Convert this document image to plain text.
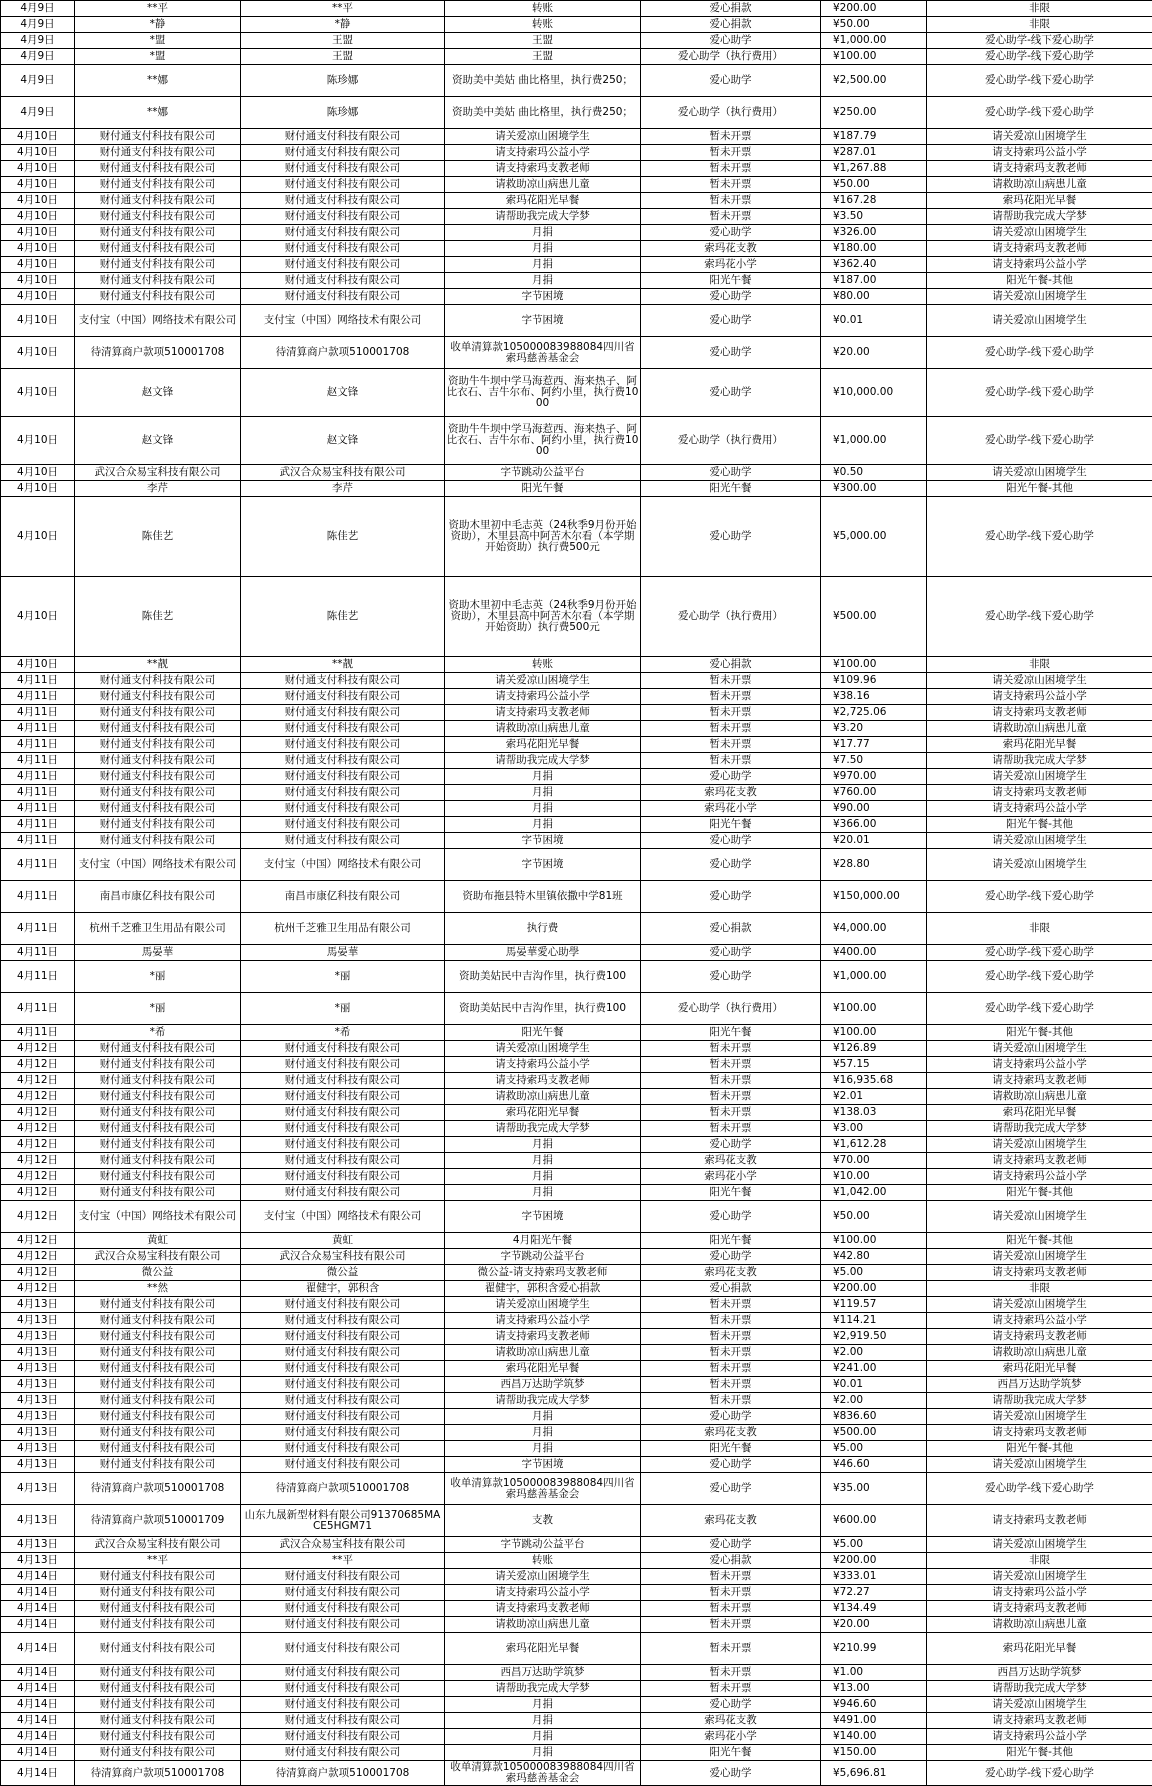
4月9日	**平	**平	转账	爱心捐款	¥200.00	非限
4月9日	*静	*静	转账	爱心捐款	¥50.00	非限
4月9日	*盟	王盟	王盟	爱心助学	¥1,000.00	爱心助学-线下爱心助学
4月9日	*盟	王盟	王盟	爱心助学（执行费用）	¥100.00	爱心助学-线下爱心助学
4月9日	**娜	陈珍娜	资助美中美姑 曲比格里，执行费250；	爱心助学	¥2,500.00	爱心助学-线下爱心助学
4月9日	**娜	陈珍娜	资助美中美姑 曲比格里，执行费250；	爱心助学（执行费用）	¥250.00	爱心助学-线下爱心助学
4月10日	财付通支付科技有限公司	财付通支付科技有限公司	请关爱凉山困境学生	暂未开票	¥187.79	请关爱凉山困境学生
4月10日	财付通支付科技有限公司	财付通支付科技有限公司	请支持索玛公益小学	暂未开票	¥287.01	请支持索玛公益小学
4月10日	财付通支付科技有限公司	财付通支付科技有限公司	请支持索玛支教老师	暂未开票	¥1,267.88	请支持索玛支教老师
4月10日	财付通支付科技有限公司	财付通支付科技有限公司	请救助凉山病患儿童	暂未开票	¥50.00	请救助凉山病患儿童
4月10日	财付通支付科技有限公司	财付通支付科技有限公司	索玛花阳光早餐	暂未开票	¥167.28	索玛花阳光早餐
4月10日	财付通支付科技有限公司	财付通支付科技有限公司	请帮助我完成大学梦	暂未开票	¥3.50	请帮助我完成大学梦
4月10日	财付通支付科技有限公司	财付通支付科技有限公司	月捐	爱心助学	¥326.00	请关爱凉山困境学生
4月10日	财付通支付科技有限公司	财付通支付科技有限公司	月捐	索玛花支教	¥180.00	请支持索玛支教老师
4月10日	财付通支付科技有限公司	财付通支付科技有限公司	月捐	索玛花小学	¥362.40	请支持索玛公益小学
4月10日	财付通支付科技有限公司	财付通支付科技有限公司	月捐	阳光午餐	¥187.00	阳光午餐-其他
4月10日	财付通支付科技有限公司	财付通支付科技有限公司	字节困境	爱心助学	¥80.00	请关爱凉山困境学生
4月10日	支付宝（中国）网络技术有限公司	支付宝（中国）网络技术有限公司	字节困境	爱心助学	¥0.01	请关爱凉山困境学生
4月10日	待清算商户款项510001708	待清算商户款项510001708	收单清算款105000083988084四川省索玛慈善基金会	爱心助学	¥20.00	爱心助学-线下爱心助学
4月10日	赵文锋	赵文锋	资助牛牛坝中学马海惹西、海来热子、阿比衣石、吉牛尔布、阿约小里，执行费1000	爱心助学	¥10,000.00	爱心助学-线下爱心助学
4月10日	赵文锋	赵文锋	资助牛牛坝中学马海惹西、海来热子、阿比衣石、吉牛尔布、阿约小里，执行费1000	爱心助学（执行费用）	¥1,000.00	爱心助学-线下爱心助学
4月10日	武汉合众易宝科技有限公司	武汉合众易宝科技有限公司	字节跳动公益平台	爱心助学	¥0.50	请关爱凉山困境学生
4月10日	李芹	李芹	阳光午餐	阳光午餐	¥300.00	阳光午餐-其他
4月10日	陈佳艺	陈佳艺	资助木里初中毛志英（24秋季9月份开始资助），木里县高中阿苦木尔看（本学期开始资助）执行费500元	爱心助学	¥5,000.00	爱心助学-线下爱心助学
4月10日	陈佳艺	陈佳艺	资助木里初中毛志英（24秋季9月份开始资助），木里县高中阿苦木尔看（本学期开始资助）执行费500元	爱心助学（执行费用）	¥500.00	爱心助学-线下爱心助学
4月10日	**靓	**靓	转账	爱心捐款	¥100.00	非限
4月11日	财付通支付科技有限公司	财付通支付科技有限公司	请关爱凉山困境学生	暂未开票	¥109.96	请关爱凉山困境学生
4月11日	财付通支付科技有限公司	财付通支付科技有限公司	请支持索玛公益小学	暂未开票	¥38.16	请支持索玛公益小学
4月11日	财付通支付科技有限公司	财付通支付科技有限公司	请支持索玛支教老师	暂未开票	¥2,725.06	请支持索玛支教老师
4月11日	财付通支付科技有限公司	财付通支付科技有限公司	请救助凉山病患儿童	暂未开票	¥3.20	请救助凉山病患儿童
4月11日	财付通支付科技有限公司	财付通支付科技有限公司	索玛花阳光早餐	暂未开票	¥17.77	索玛花阳光早餐
4月11日	财付通支付科技有限公司	财付通支付科技有限公司	请帮助我完成大学梦	暂未开票	¥7.50	请帮助我完成大学梦
4月11日	财付通支付科技有限公司	财付通支付科技有限公司	月捐	爱心助学	¥970.00	请关爱凉山困境学生
4月11日	财付通支付科技有限公司	财付通支付科技有限公司	月捐	索玛花支教	¥760.00	请支持索玛支教老师
4月11日	财付通支付科技有限公司	财付通支付科技有限公司	月捐	索玛花小学	¥90.00	请支持索玛公益小学
4月11日	财付通支付科技有限公司	财付通支付科技有限公司	月捐	阳光午餐	¥366.00	阳光午餐-其他
4月11日	财付通支付科技有限公司	财付通支付科技有限公司	字节困境	爱心助学	¥20.01	请关爱凉山困境学生
4月11日	支付宝（中国）网络技术有限公司	支付宝（中国）网络技术有限公司	字节困境	爱心助学	¥28.80	请关爱凉山困境学生
4月11日	南昌市康亿科技有限公司	南昌市康亿科技有限公司	资助布拖县特木里镇依撒中学81班	爱心助学	¥150,000.00	爱心助学-线下爱心助学
4月11日	杭州千芝雅卫生用品有限公司	杭州千芝雅卫生用品有限公司	执行费	爱心捐款	¥4,000.00	非限
4月11日	馬晏華	馬晏華	馬晏華愛心助學	爱心助学	¥400.00	爱心助学-线下爱心助学
4月11日	*丽	*丽	资助美姑民中吉沟作里，执行费100	爱心助学	¥1,000.00	爱心助学-线下爱心助学
4月11日	*丽	*丽	资助美姑民中吉沟作里，执行费100	爱心助学（执行费用）	¥100.00	爱心助学-线下爱心助学
4月11日	*希	*希	阳光午餐	阳光午餐	¥100.00	阳光午餐-其他
4月12日	财付通支付科技有限公司	财付通支付科技有限公司	请关爱凉山困境学生	暂未开票	¥126.89	请关爱凉山困境学生
4月12日	财付通支付科技有限公司	财付通支付科技有限公司	请支持索玛公益小学	暂未开票	¥57.15	请支持索玛公益小学
4月12日	财付通支付科技有限公司	财付通支付科技有限公司	请支持索玛支教老师	暂未开票	¥16,935.68	请支持索玛支教老师
4月12日	财付通支付科技有限公司	财付通支付科技有限公司	请救助凉山病患儿童	暂未开票	¥2.01	请救助凉山病患儿童
4月12日	财付通支付科技有限公司	财付通支付科技有限公司	索玛花阳光早餐	暂未开票	¥138.03	索玛花阳光早餐
4月12日	财付通支付科技有限公司	财付通支付科技有限公司	请帮助我完成大学梦	暂未开票	¥3.00	请帮助我完成大学梦
4月12日	财付通支付科技有限公司	财付通支付科技有限公司	月捐	爱心助学	¥1,612.28	请关爱凉山困境学生
4月12日	财付通支付科技有限公司	财付通支付科技有限公司	月捐	索玛花支教	¥70.00	请支持索玛支教老师
4月12日	财付通支付科技有限公司	财付通支付科技有限公司	月捐	索玛花小学	¥10.00	请支持索玛公益小学
4月12日	财付通支付科技有限公司	财付通支付科技有限公司	月捐	阳光午餐	¥1,042.00	阳光午餐-其他
4月12日	支付宝（中国）网络技术有限公司	支付宝（中国）网络技术有限公司	字节困境	爱心助学	¥50.00	请关爱凉山困境学生
4月12日	黄虹	黄虹	4月阳光午餐	阳光午餐	¥100.00	阳光午餐-其他
4月12日	武汉合众易宝科技有限公司	武汉合众易宝科技有限公司	字节跳动公益平台	爱心助学	¥42.80	请关爱凉山困境学生
4月12日	微公益	微公益	微公益-请支持索玛支教老师	索玛花支教	¥5.00	请支持索玛支教老师
4月12日	**然	翟健宇，郭积含	翟健宇，郭积含爱心捐款	爱心捐款	¥200.00	非限
4月13日	财付通支付科技有限公司	财付通支付科技有限公司	请关爱凉山困境学生	暂未开票	¥119.57	请关爱凉山困境学生
4月13日	财付通支付科技有限公司	财付通支付科技有限公司	请支持索玛公益小学	暂未开票	¥114.21	请支持索玛公益小学
4月13日	财付通支付科技有限公司	财付通支付科技有限公司	请支持索玛支教老师	暂未开票	¥2,919.50	请支持索玛支教老师
4月13日	财付通支付科技有限公司	财付通支付科技有限公司	请救助凉山病患儿童	暂未开票	¥2.00	请救助凉山病患儿童
4月13日	财付通支付科技有限公司	财付通支付科技有限公司	索玛花阳光早餐	暂未开票	¥241.00	索玛花阳光早餐
4月13日	财付通支付科技有限公司	财付通支付科技有限公司	西昌万达助学筑梦	暂未开票	¥0.01	西昌万达助学筑梦
4月13日	财付通支付科技有限公司	财付通支付科技有限公司	请帮助我完成大学梦	暂未开票	¥2.00	请帮助我完成大学梦
4月13日	财付通支付科技有限公司	财付通支付科技有限公司	月捐	爱心助学	¥836.60	请关爱凉山困境学生
4月13日	财付通支付科技有限公司	财付通支付科技有限公司	月捐	索玛花支教	¥500.00	请支持索玛支教老师
4月13日	财付通支付科技有限公司	财付通支付科技有限公司	月捐	阳光午餐	¥5.00	阳光午餐-其他
4月13日	财付通支付科技有限公司	财付通支付科技有限公司	字节困境	爱心助学	¥46.60	请关爱凉山困境学生
4月13日	待清算商户款项510001708	待清算商户款项510001708	收单清算款105000083988084四川省索玛慈善基金会	爱心助学	¥35.00	爱心助学-线下爱心助学
4月13日	待清算商户款项510001709	山东九晟新型材料有限公司91370685MACE5HGM71	支教	索玛花支教	¥600.00	请支持索玛支教老师
4月13日	武汉合众易宝科技有限公司	武汉合众易宝科技有限公司	字节跳动公益平台	爱心助学	¥5.00	请关爱凉山困境学生
4月13日	**平	**平	转账	爱心捐款	¥200.00	非限
4月14日	财付通支付科技有限公司	财付通支付科技有限公司	请关爱凉山困境学生	暂未开票	¥333.01	请关爱凉山困境学生
4月14日	财付通支付科技有限公司	财付通支付科技有限公司	请支持索玛公益小学	暂未开票	¥72.27	请支持索玛公益小学
4月14日	财付通支付科技有限公司	财付通支付科技有限公司	请支持索玛支教老师	暂未开票	¥134.49	请支持索玛支教老师
4月14日	财付通支付科技有限公司	财付通支付科技有限公司	请救助凉山病患儿童	暂未开票	¥20.00	请救助凉山病患儿童
4月14日	财付通支付科技有限公司	财付通支付科技有限公司	索玛花阳光早餐	暂未开票	¥210.99	索玛花阳光早餐
4月14日	财付通支付科技有限公司	财付通支付科技有限公司	西昌万达助学筑梦	暂未开票	¥1.00	西昌万达助学筑梦
4月14日	财付通支付科技有限公司	财付通支付科技有限公司	请帮助我完成大学梦	暂未开票	¥13.00	请帮助我完成大学梦
4月14日	财付通支付科技有限公司	财付通支付科技有限公司	月捐	爱心助学	¥946.60	请关爱凉山困境学生
4月14日	财付通支付科技有限公司	财付通支付科技有限公司	月捐	索玛花支教	¥491.00	请支持索玛支教老师
4月14日	财付通支付科技有限公司	财付通支付科技有限公司	月捐	索玛花小学	¥140.00	请支持索玛公益小学
4月14日	财付通支付科技有限公司	财付通支付科技有限公司	月捐	阳光午餐	¥150.00	阳光午餐-其他
4月14日	待清算商户款项510001708	待清算商户款项510001708	收单清算款105000083988084四川省索玛慈善基金会	爱心助学	¥5,696.81	爱心助学-线下爱心助学
